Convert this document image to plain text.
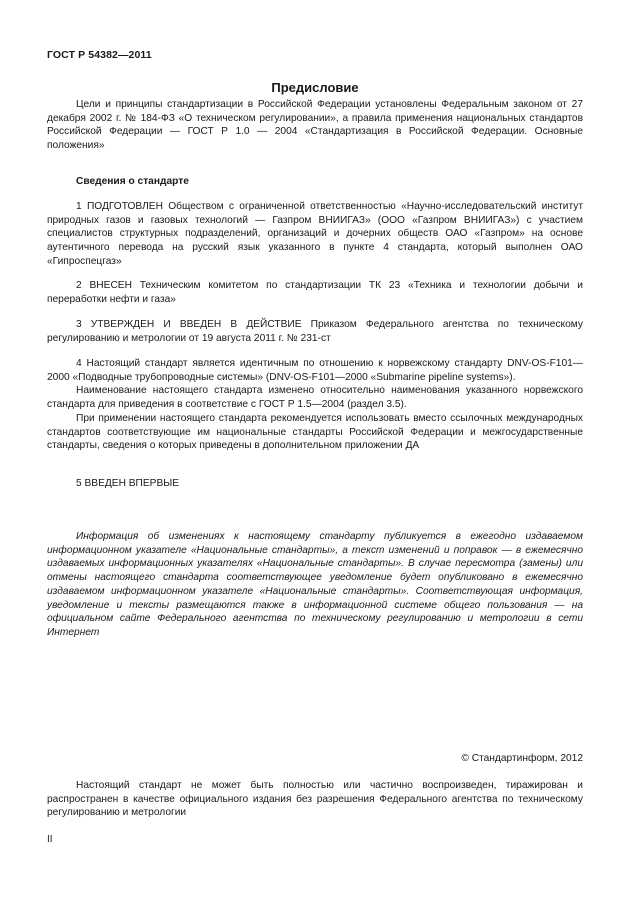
ГОСТ Р 54382—2011
Предисловие
Цели и принципы стандартизации в Российской Федерации установлены Федеральным законом от 27 декабря 2002 г. № 184-ФЗ «О техническом регулировании», а правила применения национальных стандартов Российской Федерации — ГОСТ Р 1.0 — 2004 «Стандартизация в Российской Федерации. Основные положения»
Сведения о стандарте
1 ПОДГОТОВЛЕН Обществом с ограниченной ответственностью «Научно-исследовательский институт природных газов и газовых технологий — Газпром ВНИИГАЗ» (ООО «Газпром ВНИИГАЗ») с участием специалистов структурных подразделений, организаций и дочерних обществ ОАО «Газпром» на основе аутентичного перевода на русский язык указанного в пункте 4 стандарта, который выполнен ОАО «Гипроспецгаз»
2 ВНЕСЕН Техническим комитетом по стандартизации ТК 23 «Техника и технологии добычи и переработки нефти и газа»
3 УТВЕРЖДЕН И ВВЕДЕН В ДЕЙСТВИЕ Приказом Федерального агентства по техническому регулированию и метрологии от 19 августа 2011 г. № 231-ст

4 Настоящий стандарт является идентичным по отношению к норвежскому стандарту DNV-OS-F101—2000 «Подводные трубопроводные системы» (DNV-OS-F101—2000 «Submarine pipeline systems»).

Наименование настоящего стандарта изменено относительно наименования указанного норвежского стандарта для приведения в соответствие с ГОСТ Р 1.5—2004 (раздел 3.5).

При применении настоящего стандарта рекомендуется использовать вместо ссылочных международных стандартов соответствующие им национальные стандарты Российской Федерации и межгосударственные стандарты, сведения о которых приведены в дополнительном приложении ДА

5 ВВЕДЕН ВПЕРВЫЕ
Информация об изменениях к настоящему стандарту публикуется в ежегодно издаваемом информационном указателе «Национальные стандарты», а текст изменений и поправок — в ежемесячно издаваемых информационных указателях «Национальные стандарты». В случае пересмотра (замены) или отмены настоящего стандарта соответствующее уведомление будет опубликовано в ежемесячно издаваемом информационном указателе «Национальные стандарты». Соответствующая информация, уведомление и тексты размещаются также в информационной системе общего пользования — на официальном сайте Федерального агентства по техническому регулированию и метрологии в сети Интернет
© Стандартинформ, 2012
Настоящий стандарт не может быть полностью или частично воспроизведен, тиражирован и распространен в качестве официального издания без разрешения Федерального агентства по техническому регулированию и метрологии
II
